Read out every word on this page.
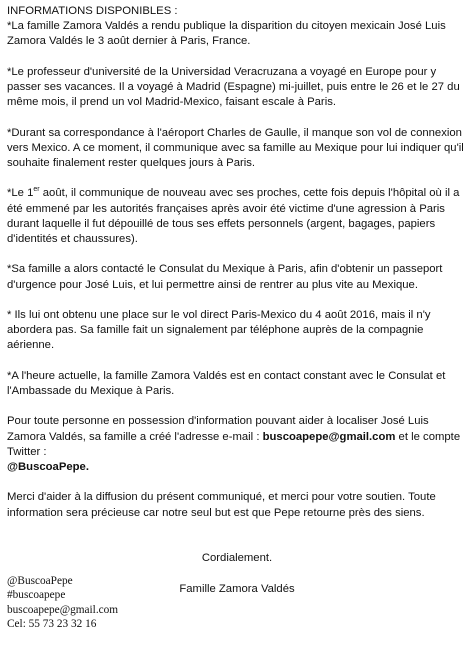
INFORMATIONS DISPONIBLES :

*La famille Zamora Valdés a rendu publique la disparition du citoyen mexicain José Luis Zamora Valdés le 3 août dernier à Paris, France.

*Le professeur d'université de la Universidad Veracruzana a voyagé en Europe pour y passer ses vacances. Il a voyagé à Madrid (Espagne) mi-juillet, puis entre le 26 et le 27 du même mois, il prend un vol Madrid-Mexico, faisant escale à Paris.

*Durant sa correspondance à l'aéroport Charles de Gaulle, il manque son vol de connexion vers Mexico. A ce moment, il communique avec sa famille au Mexique pour lui indiquer qu'il souhaite finalement rester quelques jours à Paris.

*Le 1er août, il communique de nouveau avec ses proches, cette fois depuis l'hôpital où il a été emmené par les autorités françaises après avoir été victime d'une agression à Paris durant laquelle il fut dépouillé de tous ses effets personnels (argent, bagages, papiers d'identités et chaussures).

*Sa famille a alors contacté le Consulat du Mexique à Paris, afin d'obtenir un passeport d'urgence pour José Luis, et lui permettre ainsi de rentrer au plus vite au Mexique.

* Ils lui ont obtenu une place sur le vol direct Paris-Mexico du 4 août 2016, mais il n'y abordera pas. Sa famille fait un signalement par téléphone auprès de la compagnie aérienne.

*A l'heure actuelle, la famille Zamora Valdés est en contact constant avec le Consulat et l'Ambassade du Mexique à Paris.

Pour toute personne en possession d'information pouvant aider à localiser José Luis Zamora Valdés, sa famille a créé l'adresse e-mail : buscoapepe@gmail.com et le compte Twitter :
@BuscoaPepe.

Merci d'aider à la diffusion du présent communiqué, et merci pour votre soutien. Toute information sera précieuse car notre seul but est que Pepe retourne près des siens.

Cordialement.

Famille Zamora Valdés

@BuscoaPepe
#buscoapepe
buscoapepe@gmail.com
Cel: 55 73 23 32 16
